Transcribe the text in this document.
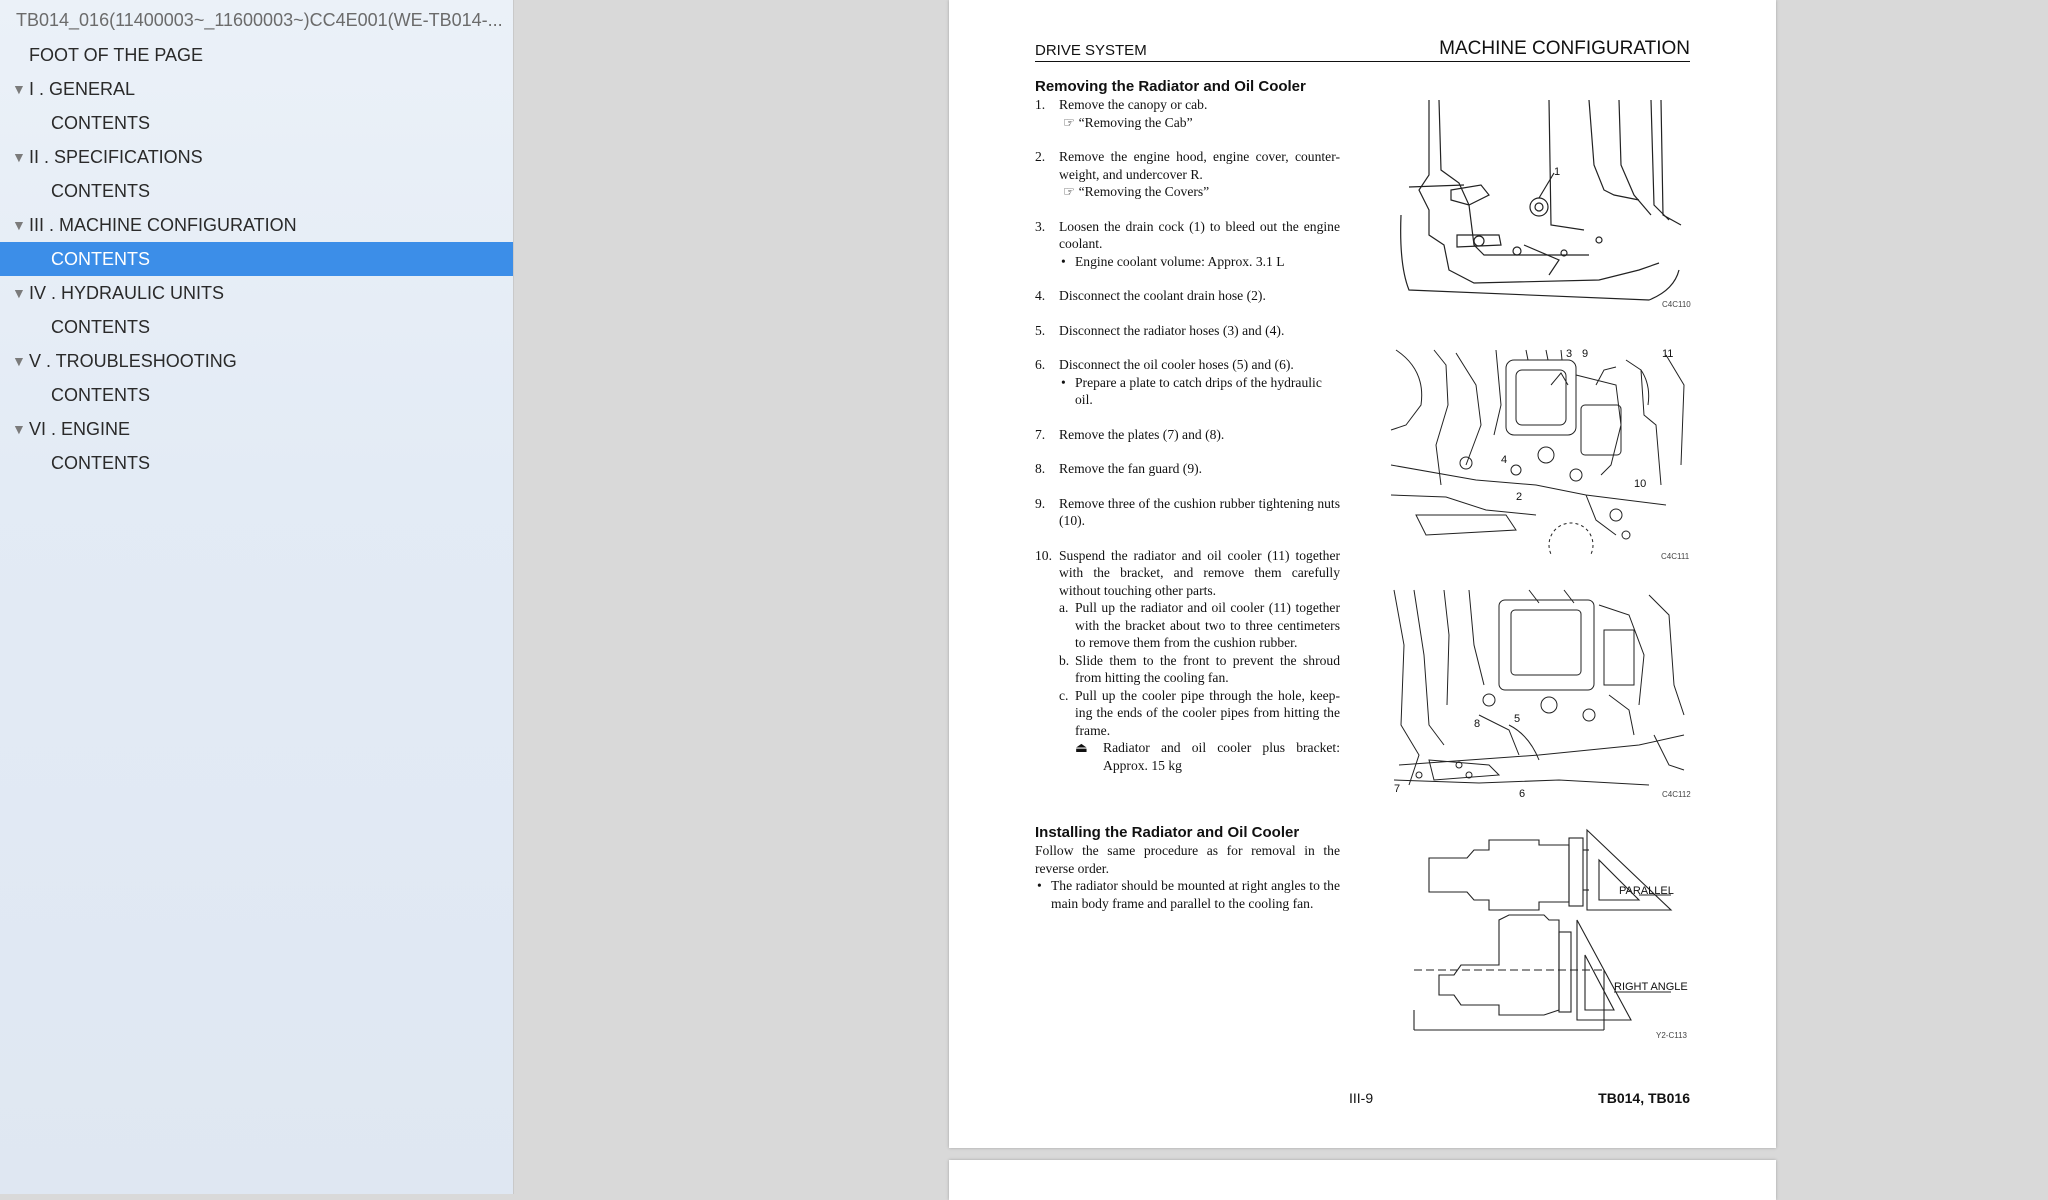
TB014_016(11400003~_11600003~)CC4E001(WE-TB014-...
FOOT OF THE PAGE
▼ I . GENERAL
CONTENTS
▼ II . SPECIFICATIONS
CONTENTS
▼ III . MACHINE CONFIGURATION
CONTENTS
▼ IV . HYDRAULIC UNITS
CONTENTS
▼ V . TROUBLESHOOTING
CONTENTS
▼ VI . ENGINE
CONTENTS
DRIVE SYSTEM	MACHINE CONFIGURATION
Removing the Radiator and Oil Cooler
1. Remove the canopy or cab.
☞ “Removing the Cab”
2. Remove the engine hood, engine cover, counter-weight, and undercover R.
☞ “Removing the Covers”
3. Loosen the drain cock (1) to bleed out the engine coolant.
• Engine coolant volume: Approx. 3.1 L
4. Disconnect the coolant drain hose (2).
5. Disconnect the radiator hoses (3) and (4).
6. Disconnect the oil cooler hoses (5) and (6).
• Prepare a plate to catch drips of the hydraulic oil.
7. Remove the plates (7) and (8).
8. Remove the fan guard (9).
9. Remove three of the cushion rubber tightening nuts (10).
10. Suspend the radiator and oil cooler (11) together with the bracket, and remove them carefully without touching other parts.
a. Pull up the radiator and oil cooler (11) together with the bracket about two to three centimeters to remove them from the cushion rubber.
b. Slide them to the front to prevent the shroud from hitting the cooling fan.
c. Pull up the cooler pipe through the hole, keep-ing the ends of the cooler pipes from hitting the frame.
⏏ Radiator and oil cooler plus bracket: Approx. 15 kg
Installing the Radiator and Oil Cooler
Follow the same procedure as for removal in the reverse order.
• The radiator should be mounted at right angles to the main body frame and parallel to the cooling fan.
1
C4C110
3 9	11
4
2
10
C4C111
8	5
7	6	C4C112
PARALLEL
RIGHT ANGLE
Y2-C113
III-9	TB014, TB016
